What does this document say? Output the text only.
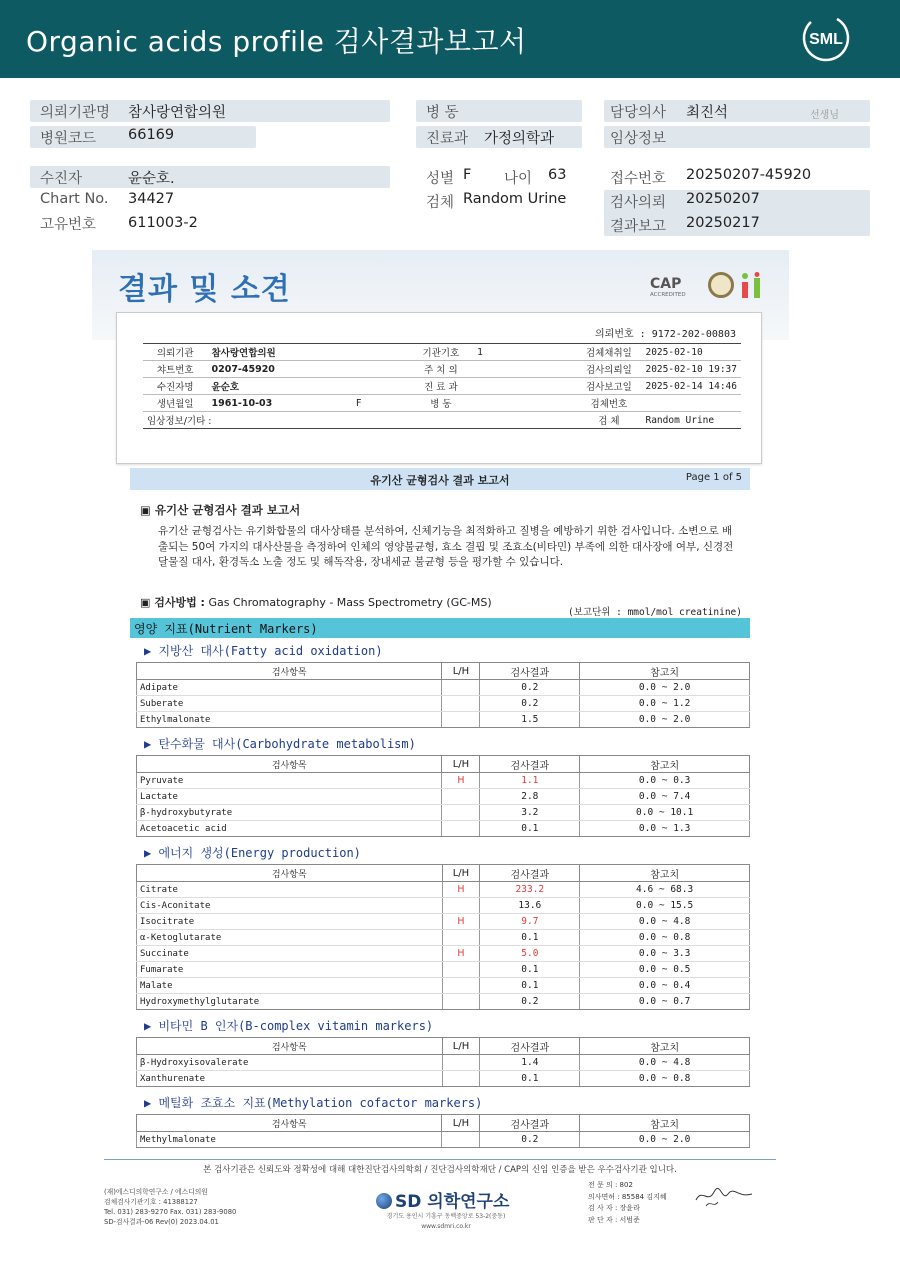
Organic acids profile 검사결과보고서	SML
의뢰기관명 참사랑연합의원	병 동	담당의사 최진석	선생님
병원코드 66169	진료과 가정의학과	임상정보
수진자	윤순호.	성별 F 나이 63	접수번호 20250207-45920
Chart No. 34427	검체 Random Urine	검사의뢰 20250207
고유번호 611003-2	결과보고 20250217
결과 및 소견	CAP
ACCREDITED
의뢰번호 : 9172-202-00803
의뢰기관	참사랑연합의원		기관기호	1	검체채취일	2025-02-10
챠트번호	0207-45920		주 치 의		검사의뢰일	2025-02-10 19:37
수진자명	윤순호		진 료 과		검사보고일	2025-02-14 14:46
생년월일	1961-10-03	F	병 동		검체번호	
임상정보/기타 :					검 체	Random Urine
유기산 균형검사 결과 보고서	Page 1 of 5
▣ 유기산 균형검사 결과 보고서
유기산 균형검사는 유기화합물의 대사상태를 분석하여, 신체기능을 최적화하고 질병을 예방하기 위한 검사입니다. 소변으로 배출되는 50여 가지의 대사산물을 측정하여 인체의 영양불균형, 효소 결핍 및 조효소(비타민) 부족에 의한 대사장애 여부, 신경전달물질 대사, 환경독소 노출 정도 및 해독작용, 장내세균 불균형 등을 평가할 수 있습니다.
▣ 검사방법 : Gas Chromatography - Mass Spectrometry (GC-MS)
(보고단위 : mmol/mol creatinine)
영양 지표(Nutrient Markers)
▶ 지방산 대사(Fatty acid oxidation)
검사항목	L/H	검사결과	참고치
Adipate		0.2	0.0 ~ 2.0
Suberate		0.2	0.0 ~ 1.2
Ethylmalonate		1.5	0.0 ~ 2.0
▶ 탄수화물 대사(Carbohydrate metabolism)
검사항목	L/H	검사결과	참고치
Pyruvate	H	1.1	0.0 ~ 0.3
Lactate		2.8	0.0 ~ 7.4
β-hydroxybutyrate		3.2	0.0 ~ 10.1
Acetoacetic acid		0.1	0.0 ~ 1.3
▶ 에너지 생성(Energy production)
검사항목	L/H	검사결과	참고치
Citrate	H	233.2	4.6 ~ 68.3
Cis-Aconitate		13.6	0.0 ~ 15.5
Isocitrate	H	9.7	0.0 ~ 4.8
α-Ketoglutarate		0.1	0.0 ~ 0.8
Succinate	H	5.0	0.0 ~ 3.3
Fumarate		0.1	0.0 ~ 0.5
Malate		0.1	0.0 ~ 0.4
Hydroxymethylglutarate		0.2	0.0 ~ 0.7
▶ 비타민 B 인자(B-complex vitamin markers)
검사항목	L/H	검사결과	참고치
β-Hydroxyisovalerate		1.4	0.0 ~ 4.8
Xanthurenate		0.1	0.0 ~ 0.8
▶ 메틸화 조효소 지표(Methylation cofactor markers)
검사항목	L/H	검사결과	참고치
Methylmalonate		0.2	0.0 ~ 2.0
본 검사기관은 신뢰도와 정확성에 대해 대한진단검사의학회 / 진단검사의학재단 / CAP의 신임 인증을 받은 우수검사기관 입니다.
(재)에스디의학연구소 / 에스디의원
검체검사기관기호 : 41388127
Tel. 031) 283-9270 Fax. 031) 283-9080
SD-검사결과-06 Rev(0) 2023.04.01
SD 의학연구소
경기도 용인시 기흥구 동백중앙로 53-2(중동)
www.sdmri.co.kr
전 문 의 : 802
의사면허 : 85584 김지혜
검 사 자 : 장윤라
판 단 자 : 서범준
